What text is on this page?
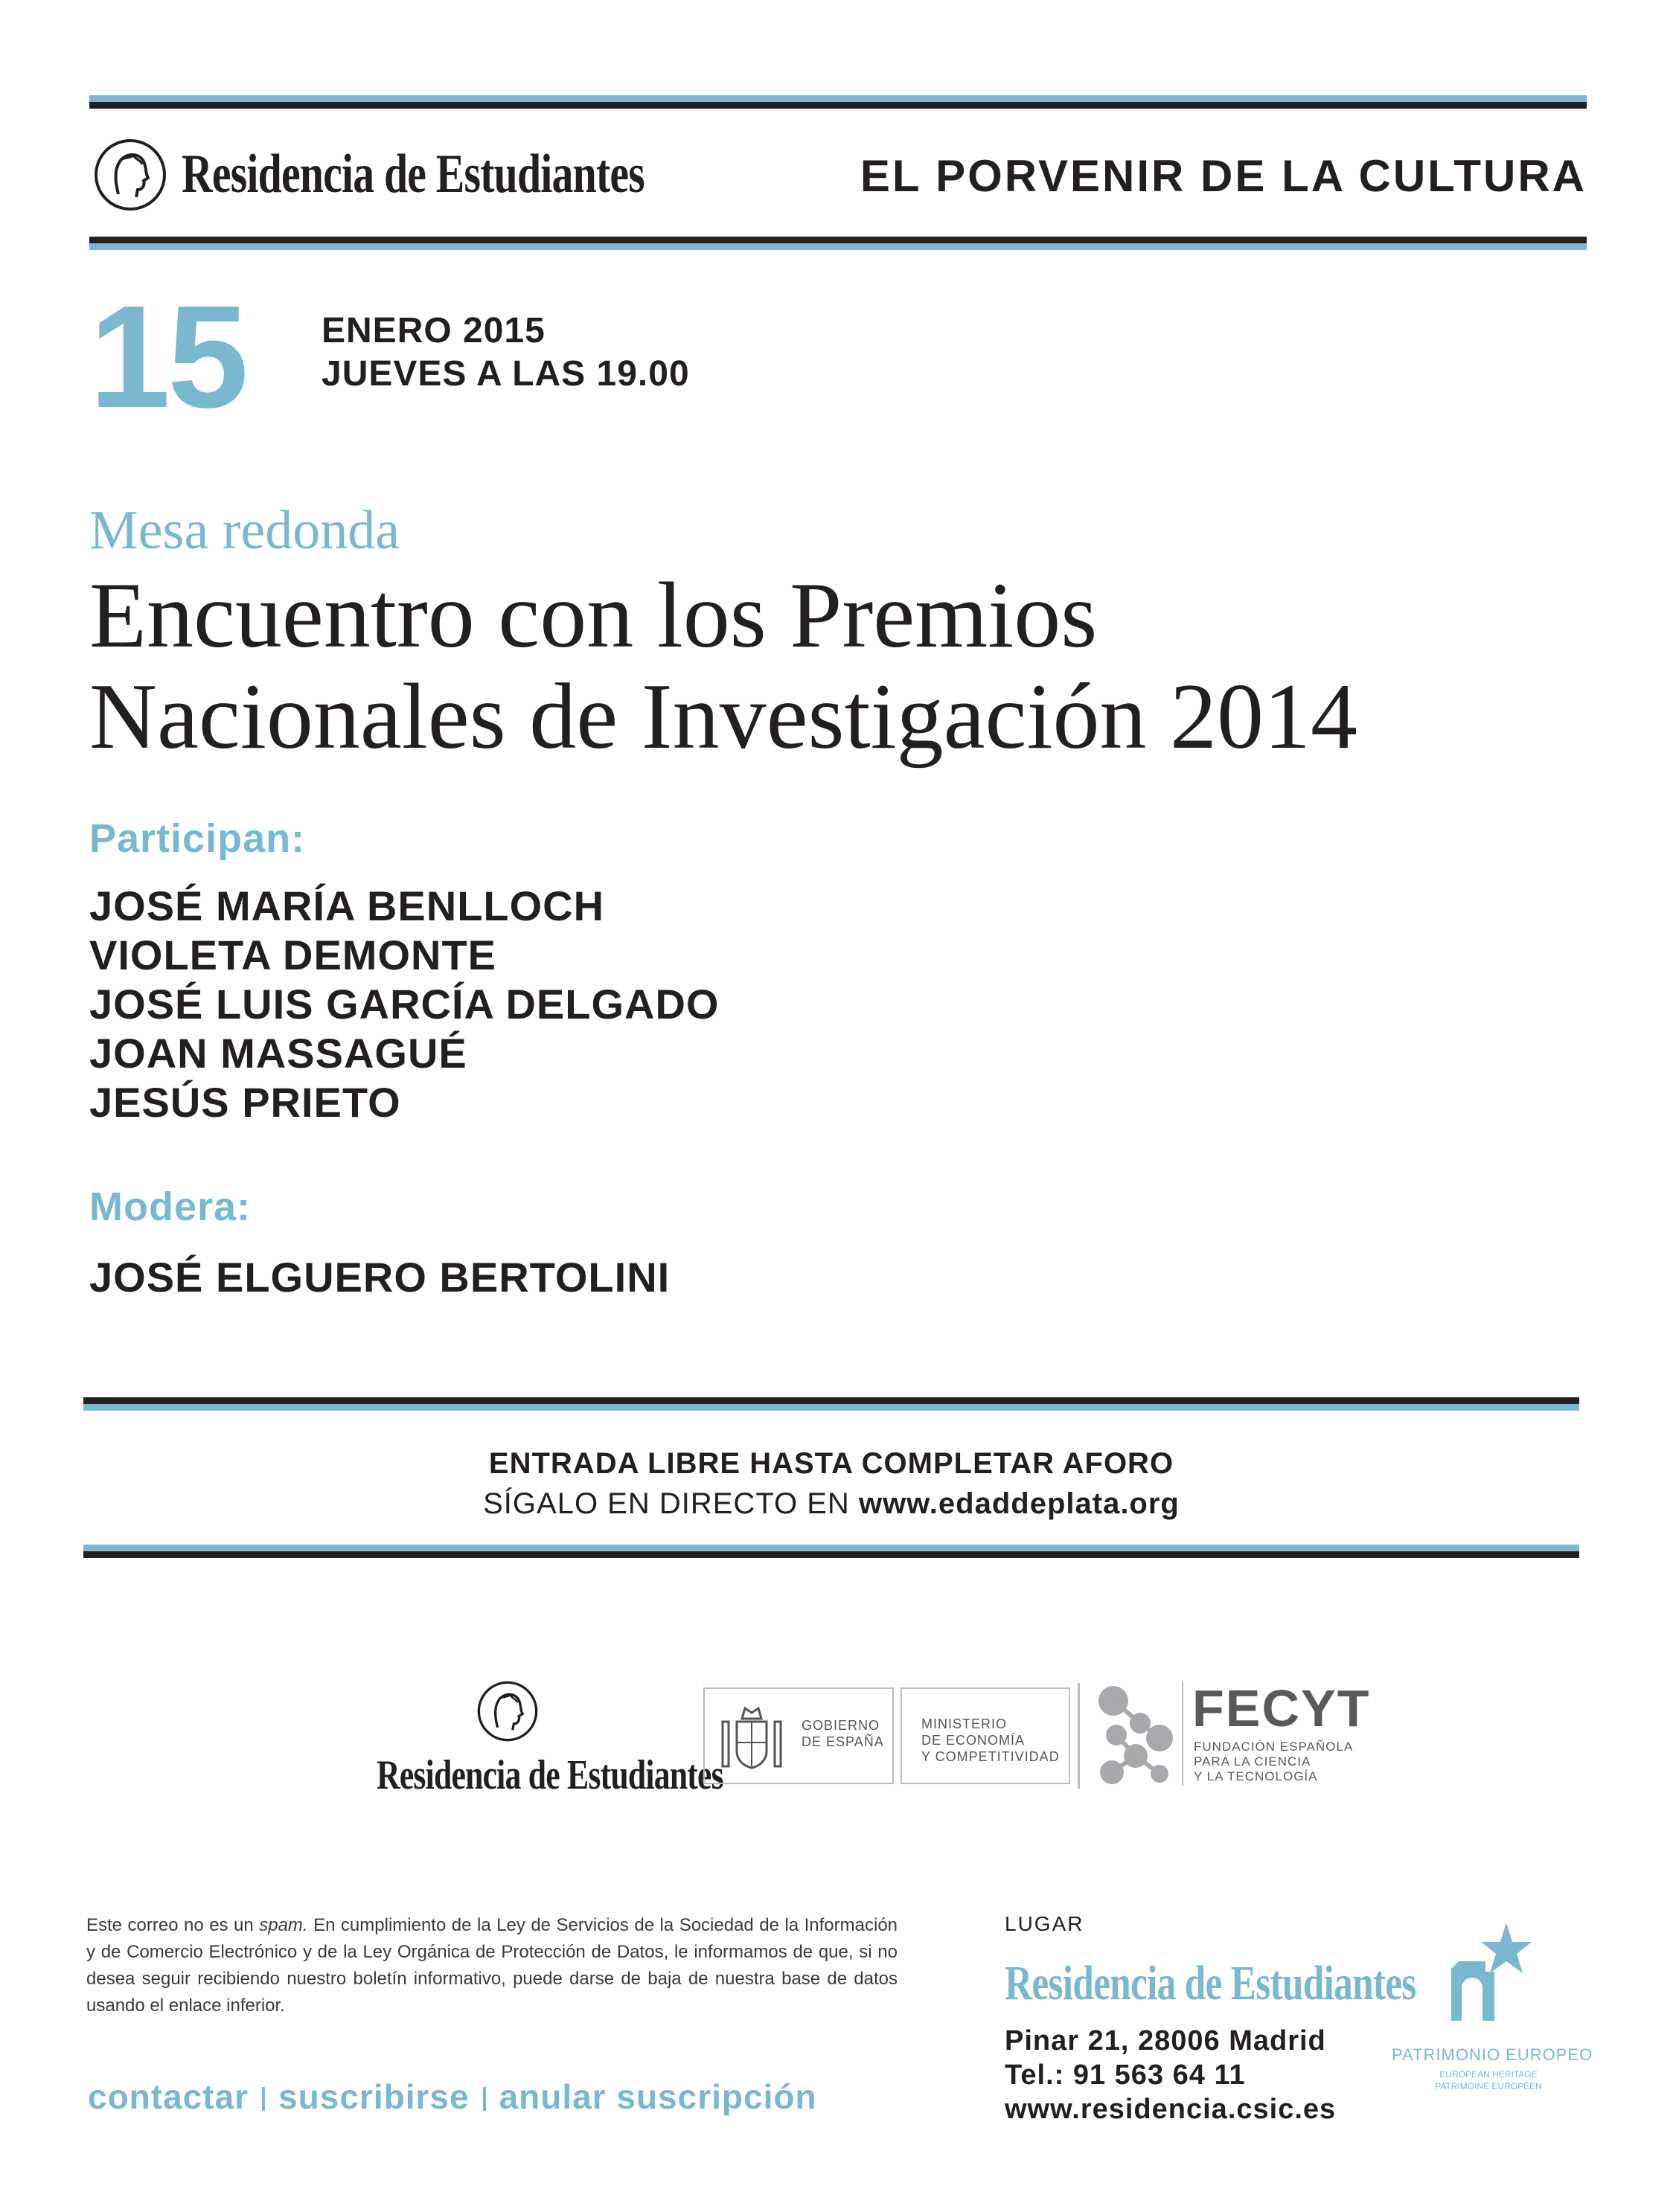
Residencia de Estudiantes	EL PORVENIR DE LA CULTURA
15 ENERO 2015
JUEVES A LAS 19.00
Mesa redonda
Encuentro con los Premios
Nacionales de Investigación 2014
Participan:
JOSÉ MARÍA BENLLOCH
VIOLETA DEMONTE
JOSÉ LUIS GARCÍA DELGADO
JOAN MASSAGUÉ
JESÚS PRIETO
Modera:
JOSÉ ELGUERO BERTOLINI
ENTRADA LIBRE HASTA COMPLETAR AFORO
SÍGALO EN DIRECTO EN www.edaddeplata.org
Residencia de Estudiantes
GOBIERNO
DE ESPAÑA
MINISTERIO
DE ECONOMÍA
Y COMPETITIVIDAD
FECYT
FUNDACIÓN ESPAÑOLA
PARA LA CIENCIA
Y LA TECNOLOGÍA
Este correo no es un spam. En cumplimiento de la Ley de Servicios de la Sociedad de la Información y de Comercio Electrónico y de la Ley Orgánica de Protección de Datos, le informamos de que, si no desea seguir recibiendo nuestro boletín informativo, puede darse de baja de nuestra base de datos usando el enlace inferior.
contactar suscribirse anular suscripción
LUGAR
Residencia de Estudiantes
Pinar 21, 28006 Madrid
Tel.: 91 563 64 11
www.residencia.csic.es
PATRIMONIO EUROPEO
EUROPEAN HERITAGE
PATRIMOINE EUROPÉEN
